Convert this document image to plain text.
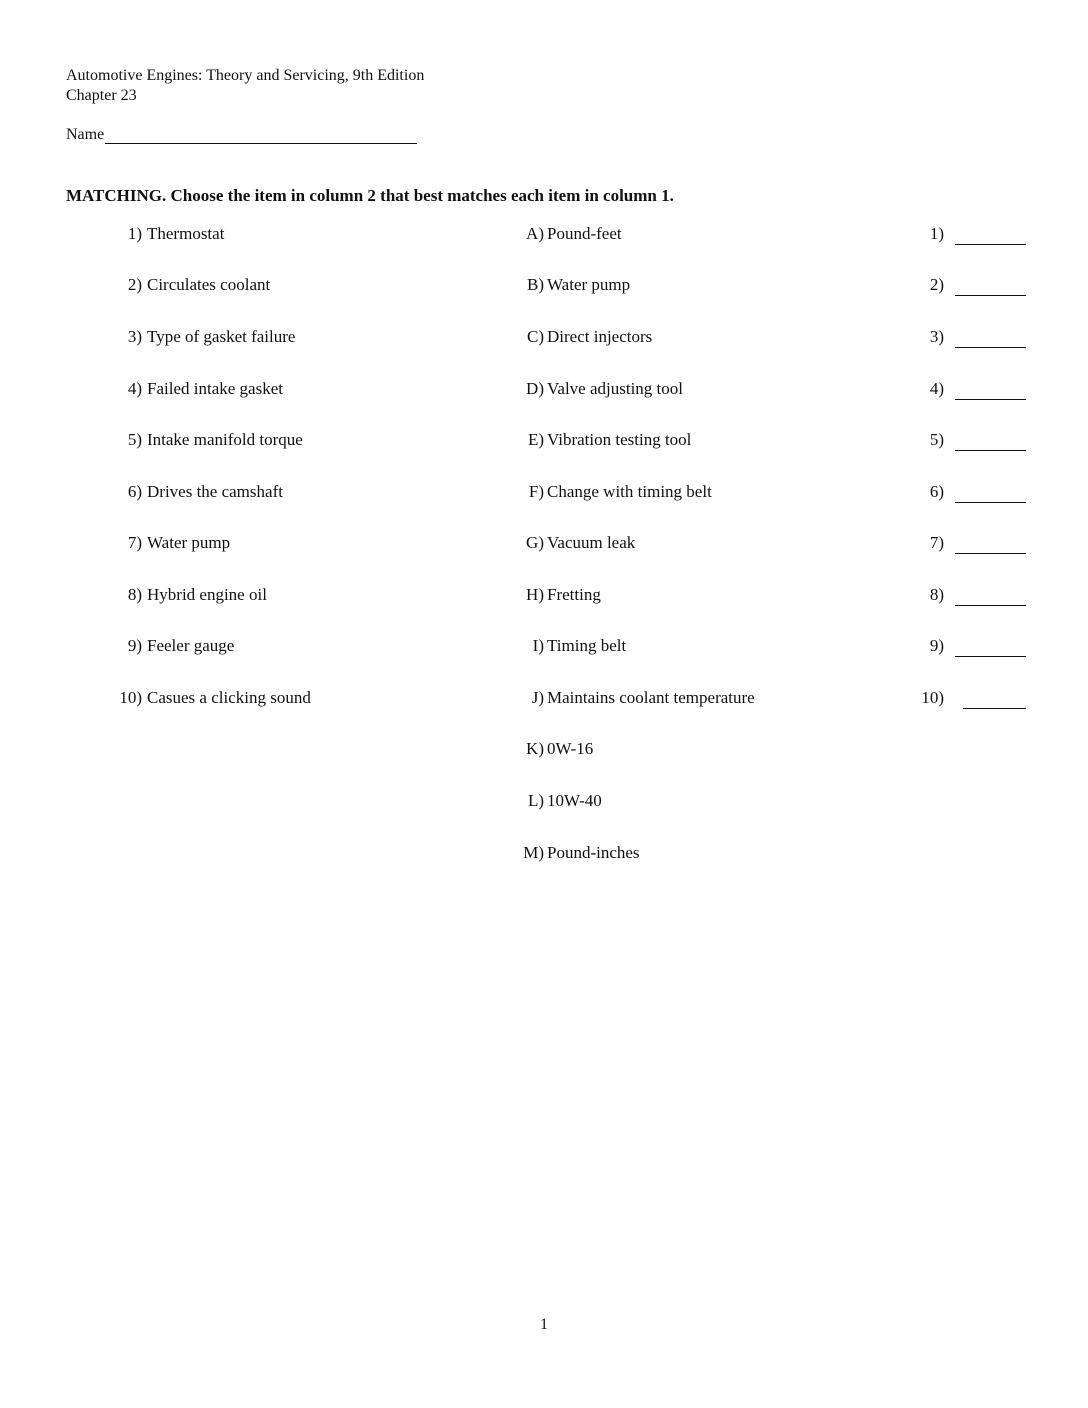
Automotive Engines: Theory and Servicing, 9th Edition
Chapter 23
Name
MATCHING. Choose the item in column 2 that best matches each item in column 1.
1) Thermostat	A) Pound-feet	1)
2) Circulates coolant	B) Water pump	2)
3) Type of gasket failure	C) Direct injectors	3)
4) Failed intake gasket	D) Valve adjusting tool	4)
5) Intake manifold torque	E) Vibration testing tool	5)
6) Drives the camshaft	F) Change with timing belt	6)
7) Water pump	G) Vacuum leak	7)
8) Hybrid engine oil	H) Fretting	8)
9) Feeler gauge	I) Timing belt	9)
10) Casues a clicking sound	J) Maintains coolant temperature	10)
K) 0W-16
L) 10W-40
M) Pound-inches
1
